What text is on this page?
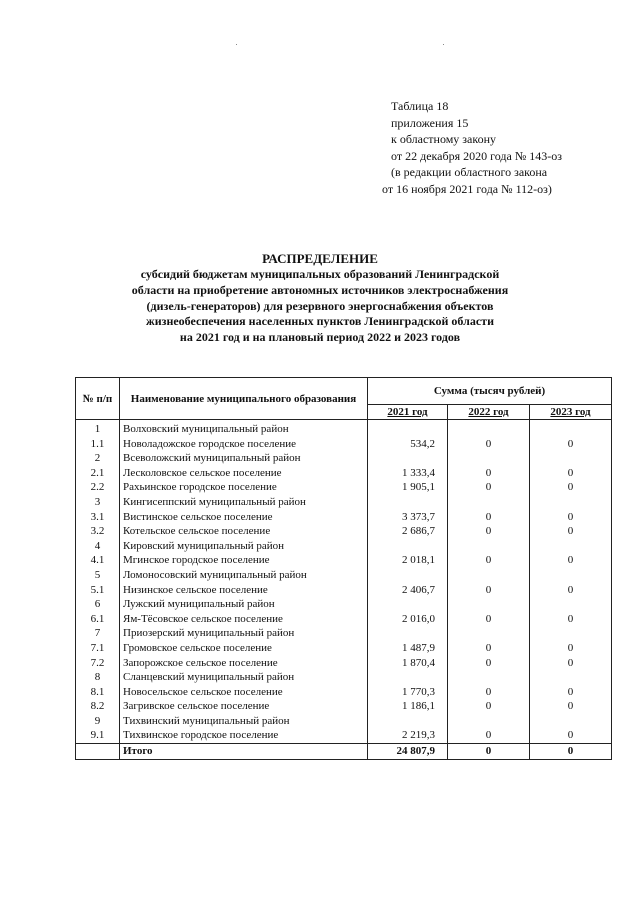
Таблица 18
приложения 15
к областному закону
от 22 декабря 2020 года № 143-оз
(в редакции областного закона
от 16 ноября 2021 года № 112-оз)
РАСПРЕДЕЛЕНИЕ
субсидий бюджетам муниципальных образований Ленинградской
области на приобретение автономных источников электроснабжения
(дизель-генераторов) для резервного энергоснабжения объектов
жизнеобеспечения населенных пунктов Ленинградской области
на 2021 год и на плановый период 2022 и 2023 годов
№ п/п	Наименование муниципального образования	Сумма (тысяч рублей)		
		2021 год	2022 год	2023 год
1	Волховский муниципальный район			
1.1	Новоладожское городское поселение	534,2	0	0
2	Всеволожский муниципальный район			
2.1	Лесколовское сельское поселение	1 333,4	0	0
2.2	Рахьинское городское поселение	1 905,1	0	0
3	Кингисеппский муниципальный район			
3.1	Вистинское сельское поселение	3 373,7	0	0
3.2	Котельское сельское поселение	2 686,7	0	0
4	Кировский муниципальный район			
4.1	Мгинское городское поселение	2 018,1	0	0
5	Ломоносовский муниципальный район			
5.1	Низинское сельское поселение	2 406,7	0	0
6	Лужский муниципальный район			
6.1	Ям-Тёсовское сельское поселение	2 016,0	0	0
7	Приозерский муниципальный район			
7.1	Громовское сельское поселение	1 487,9	0	0
7.2	Запорожское сельское поселение	1 870,4	0	0
8	Сланцевский муниципальный район			
8.1	Новосельское сельское поселение	1 770,3	0	0
8.2	Загривское сельское поселение	1 186,1	0	0
9	Тихвинский муниципальный район			
9.1	Тихвинское городское поселение	2 219,3	0	0
	Итого	24 807,9	0	0
